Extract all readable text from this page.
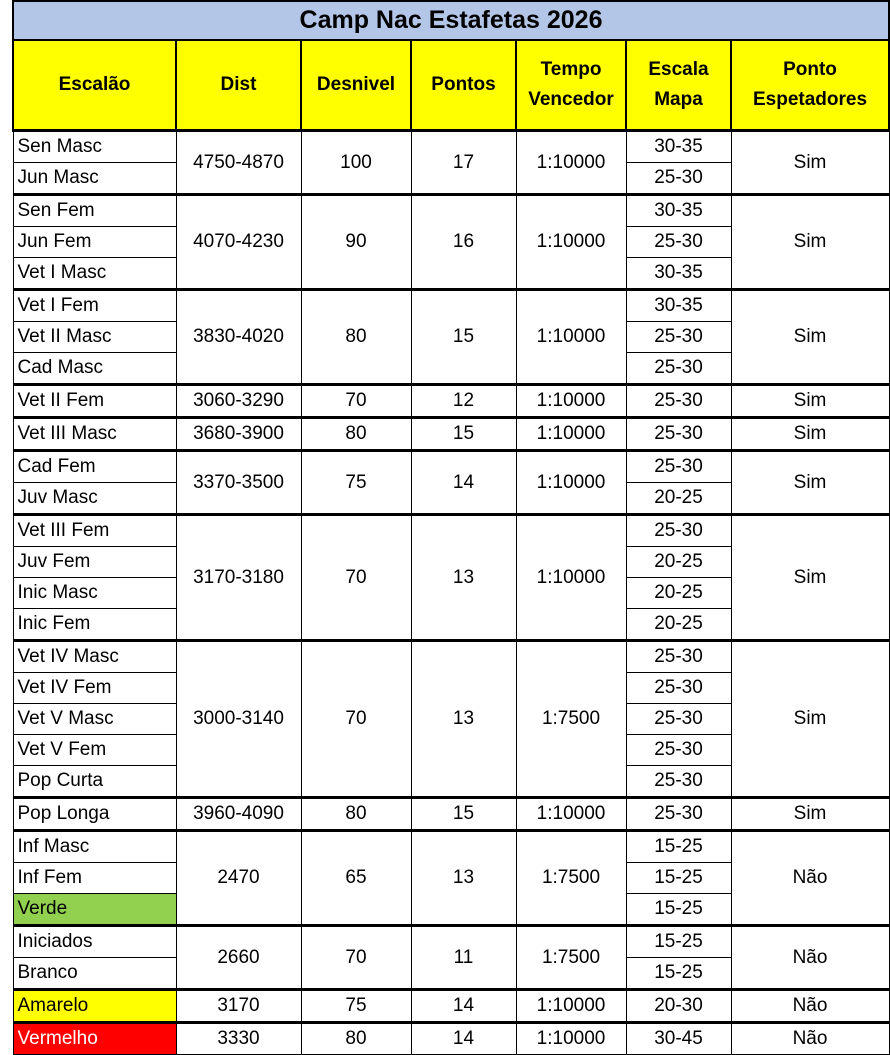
Camp Nac Estafetas 2026						
Escalão	Dist	Desnivel	Pontos	Tempo Vencedor	Escala Mapa	Ponto Espetadores
Sen Masc	4750-4870	100	17	1:10000	30-35	Sim
Jun Masc					25-30	
Sen Fem	4070-4230	90	16	1:10000	30-35	Sim
Jun Fem					25-30	
Vet I Masc					30-35	
Vet I Fem	3830-4020	80	15	1:10000	30-35	Sim
Vet II Masc					25-30	
Cad Masc					25-30	
Vet II Fem	3060-3290	70	12	1:10000	25-30	Sim
Vet III Masc	3680-3900	80	15	1:10000	25-30	Sim
Cad Fem	3370-3500	75	14	1:10000	25-30	Sim
Juv Masc					20-25	
Vet III Fem	3170-3180	70	13	1:10000	25-30	Sim
Juv Fem					20-25	
Inic Masc					20-25	
Inic Fem					20-25	
Vet IV Masc	3000-3140	70	13	1:7500	25-30	Sim
Vet IV Fem					25-30	
Vet V Masc					25-30	
Vet V Fem					25-30	
Pop Curta					25-30	
Pop Longa	3960-4090	80	15	1:10000	25-30	Sim
Inf Masc	2470	65	13	1:7500	15-25	Não
Inf Fem					15-25	
Verde					15-25	
Iniciados	2660	70	11	1:7500	15-25	Não
Branco					15-25	
Amarelo	3170	75	14	1:10000	20-30	Não
Vermelho	3330	80	14	1:10000	30-45	Não
